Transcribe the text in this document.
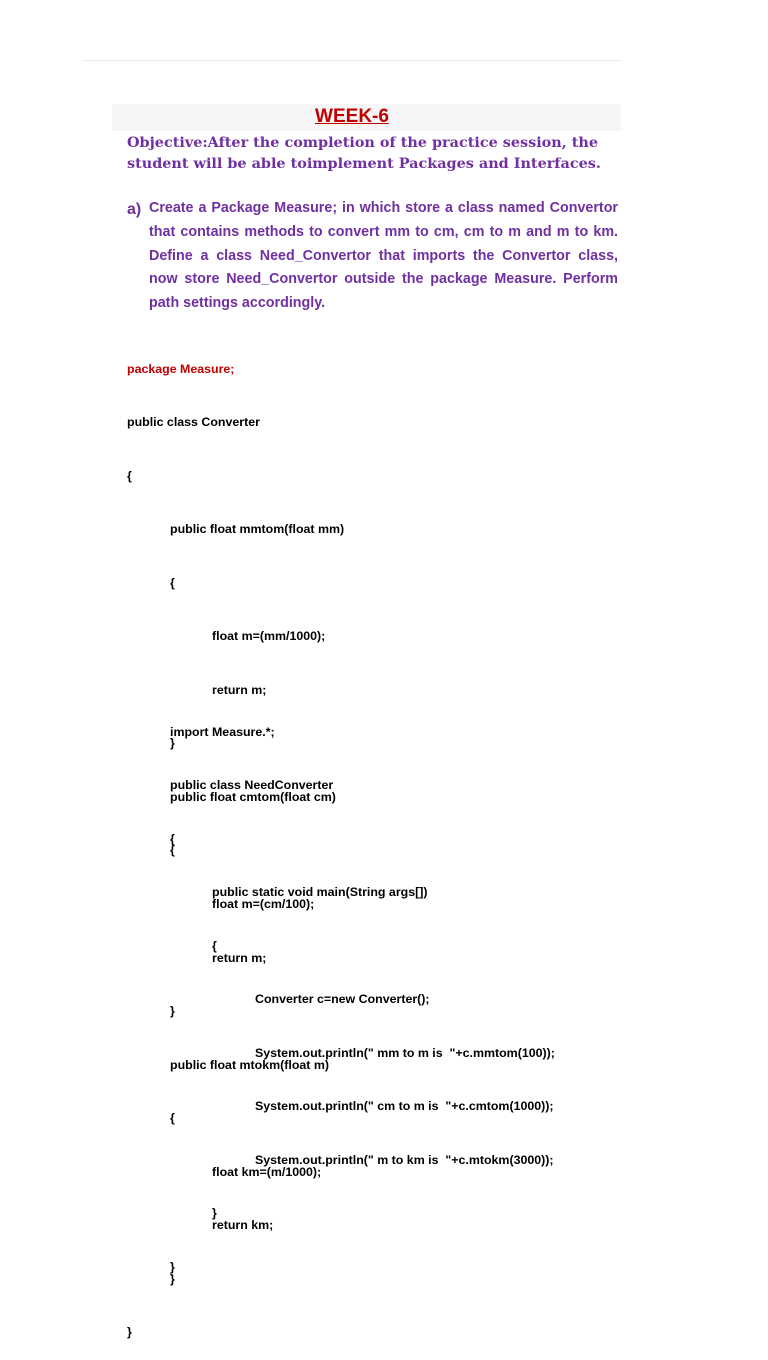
WEEK-6

Objective:After the completion of the practice session, the student will be able toimplement Packages and Interfaces.

a) Create a Package Measure; in which store a class named Convertor that contains methods to convert mm to cm, cm to m and m to km. Define a class Need_Convertor that imports the Convertor class, now store Need_Convertor outside the package Measure. Perform path settings accordingly.

package Measure;

public class Converter

{

public float mmtom(float mm)

{

float m=(mm/1000);

return m;

}

public float cmtom(float cm)

{

float m=(cm/100);

return m;

}

public float mtokm(float m)

{

float km=(m/1000);

return km;

}

}

import Measure.*;

public class NeedConverter

{

public static void main(String args[])

{

Converter c=new Converter();

System.out.println(" mm to m is  "+c.mmtom(100));

System.out.println(" cm to m is  "+c.cmtom(1000));

System.out.println(" m to km is  "+c.mtokm(3000));

}

}
